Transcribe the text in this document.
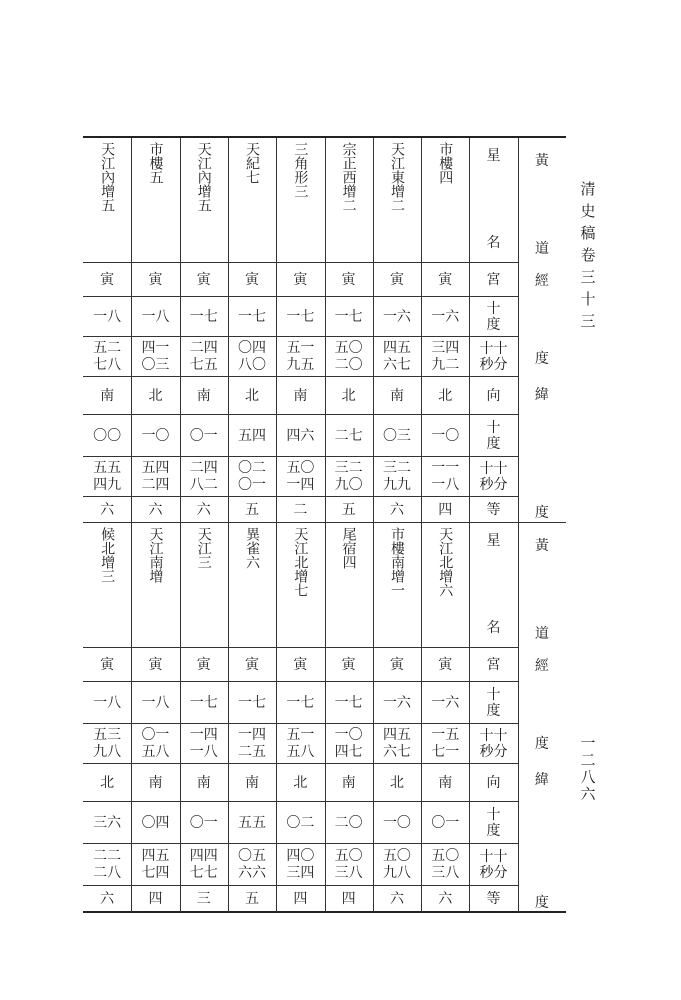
清史稿卷三十三
一二八六
市樓四
天江東增二
宗正西增二
三角形三
天紀七
天江內增五
市樓五
天江內增五
寅
寅
寅
寅
寅
寅
寅
寅
一六
一六
一七
一七
一七
一七
一八
一八
三四
九二
四五
六七
五〇
二〇
五一
九五
〇四
八〇
二四
七五
四一
〇三
五二
七八
北
南
北
南
北
南
北
南
一〇
〇三
二七
四六
五四
〇一
一〇
〇〇
一一
一八
三二
九九
三二
九〇
五〇
一四
〇二
〇一
二四
八二
五四
二四
五五
四九
四
六
五
二
五
六
六
六
星
名
宮
十度
十十秒分
向
十度
十十秒分
等
黃
道
經
度
緯
度
天江北增六
市樓南增一
尾宿四
天江北增七
異雀六
天江三
天江南增
候北增三
寅
寅
寅
寅
寅
寅
寅
寅
一六
一六
一七
一七
一七
一七
一八
一八
一五
七一
四五
六七
一〇
四七
五一
五八
一四
二五
一四
一八
〇一
五八
五三
九八
南
北
南
北
南
南
南
北
〇一
一〇
二〇
〇二
五五
〇一
〇四
三六
五〇
三八
五〇
九八
五〇
三八
四〇
三四
〇五
六六
四四
七七
四五
七四
二二
二八
六
六
四
四
五
三
四
六
星
名
宮
十度
十十秒分
向
十度
十十秒分
等
黃
道
經
度
緯
度
